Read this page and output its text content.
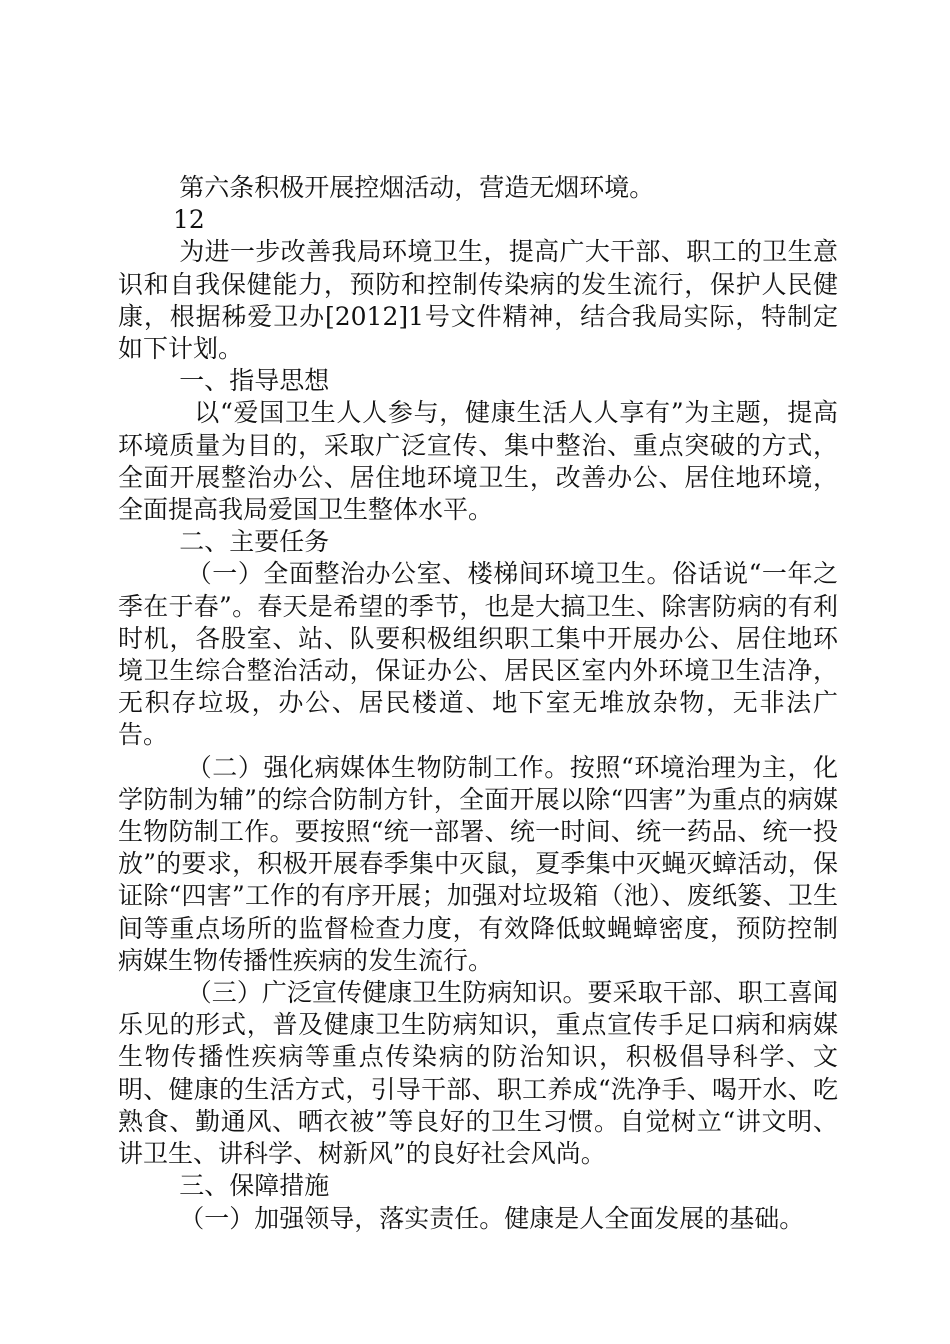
第六条积极开展控烟活动，营造无烟环境。

12

为进一步改善我局环境卫生，提高广大干部、职工的卫生意识和自我保健能力，预防和控制传染病的发生流行，保护人民健康，根据秭爱卫办[2012]1号文件精神，结合我局实际，特制定如下计划。

一、指导思想

以“爱国卫生人人参与，健康生活人人享有”为主题，提高环境质量为目的，采取广泛宣传、集中整治、重点突破的方式，全面开展整治办公、居住地环境卫生，改善办公、居住地环境，全面提高我局爱国卫生整体水平。

二、主要任务

（一）全面整治办公室、楼梯间环境卫生。俗话说“一年之季在于春”。春天是希望的季节，也是大搞卫生、除害防病的有利时机，各股室、站、队要积极组织职工集中开展办公、居住地环境卫生综合整治活动，保证办公、居民区室内外环境卫生洁净，无积存垃圾，办公、居民楼道、地下室无堆放杂物，无非法广告。

（二）强化病媒体生物防制工作。按照“环境治理为主，化学防制为辅”的综合防制方针，全面开展以除“四害”为重点的病媒生物防制工作。要按照“统一部署、统一时间、统一药品、统一投放”的要求，积极开展春季集中灭鼠，夏季集中灭蝇灭蟑活动，保证除“四害”工作的有序开展；加强对垃圾箱（池）、废纸篓、卫生间等重点场所的监督检查力度，有效降低蚊蝇蟑密度，预防控制病媒生物传播性疾病的发生流行。

（三）广泛宣传健康卫生防病知识。要采取干部、职工喜闻乐见的形式，普及健康卫生防病知识，重点宣传手足口病和病媒生物传播性疾病等重点传染病的防治知识，积极倡导科学、文明、健康的生活方式，引导干部、职工养成“洗净手、喝开水、吃熟食、勤通风、晒衣被”等良好的卫生习惯。自觉树立“讲文明、讲卫生、讲科学、树新风”的良好社会风尚。

三、保障措施

（一）加强领导，落实责任。健康是人全面发展的基础。
